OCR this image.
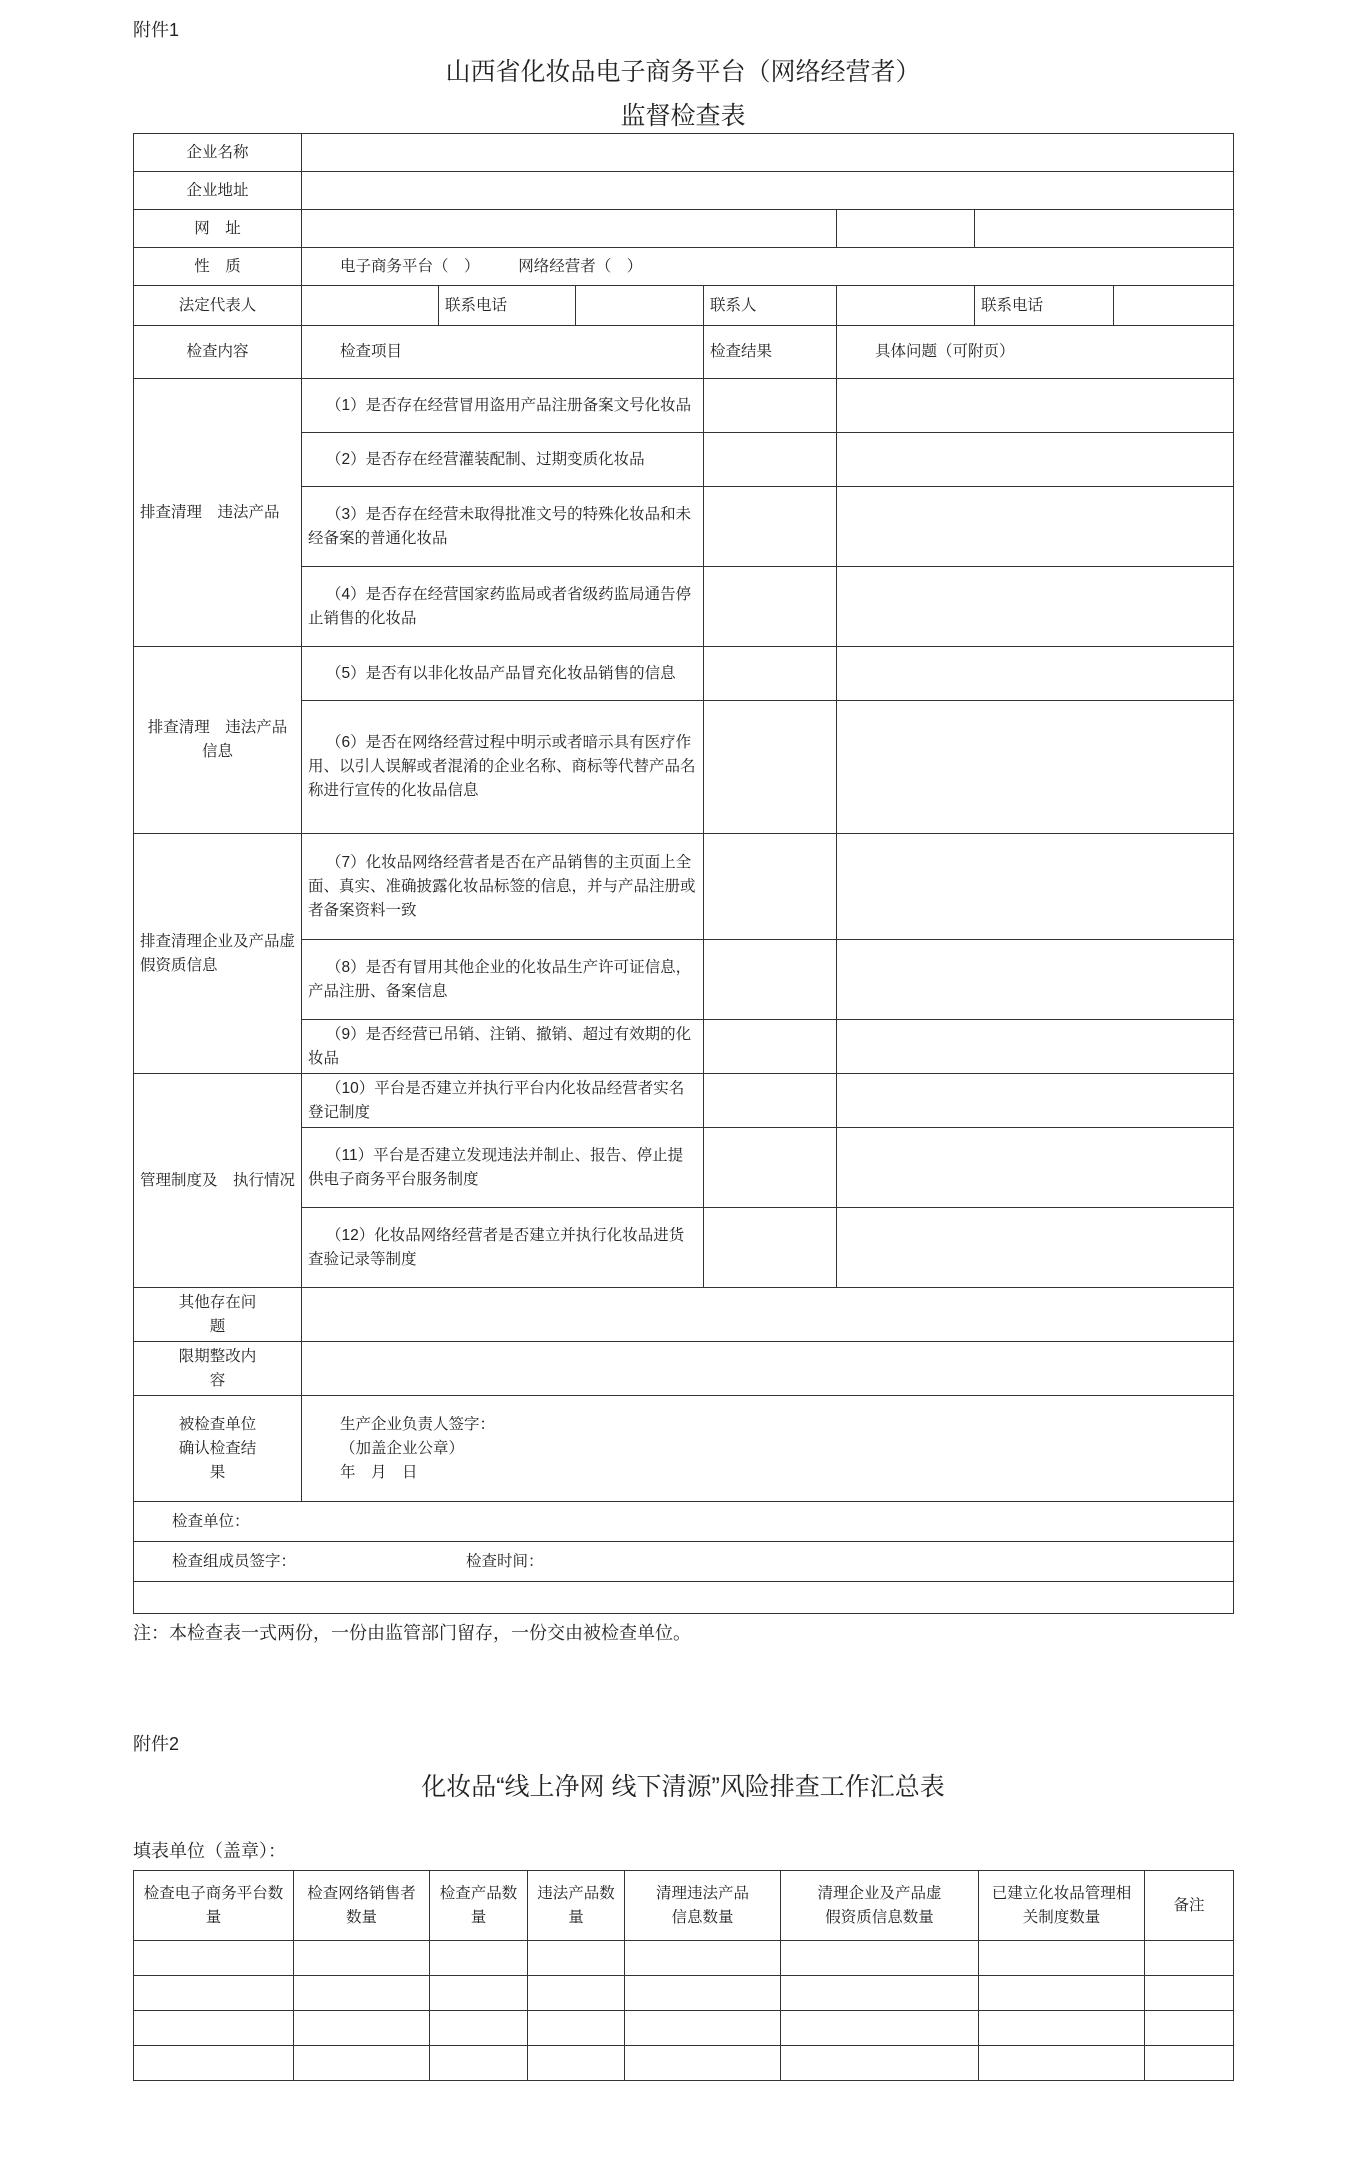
附件1
山西省化妆品电子商务平台（网络经营者）
监督检查表
企业名称							
企业地址							
网　址							
性　质	电子商务平台（　）　　　网络经营者（　）						
法定代表人		联系电话		联系人		联系电话	
检查内容	检查项目			检查结果	具体问题（可附页）		
排查清理　违法产品	（1）是否存在经营冒用盗用产品注册备案文号化妆品						
	（2）是否存在经营灌装配制、过期变质化妆品						
	（3）是否存在经营未取得批准文号的特殊化妆品和未经备案的普通化妆品						
	（4）是否存在经营国家药监局或者省级药监局通告停止销售的化妆品						
排查清理　违法产品 信息	（5）是否有以非化妆品产品冒充化妆品销售的信息						
	（6）是否在网络经营过程中明示或者暗示具有医疗作用、以引人误解或者混淆的企业名称、商标等代替产品名称进行宣传的化妆品信息						
排查清理企业及产品虚假资质信息	（7）化妆品网络经营者是否在产品销售的主页面上全面、真实、准确披露化妆品标签的信息，并与产品注册或者备案资料一致						
	（8）是否有冒用其他企业的化妆品生产许可证信息，产品注册、备案信息						
	（9）是否经营已吊销、注销、撤销、超过有效期的化妆品						
管理制度及　执行情况	（10）平台是否建立并执行平台内化妆品经营者实名登记制度						
	（11）平台是否建立发现违法并制止、报告、停止提供电子商务平台服务制度						
	（12）化妆品网络经营者是否建立并执行化妆品进货查验记录等制度						
其他存在问题							
限期整改内容							
被检查单位确认检查结果	生产企业负责人签字：
（加盖企业公章）
年　月　日						

检查单位：							
检查组成员签字： 检查时间：							

注：本检查表一式两份，一份由监管部门留存，一份交由被检查单位。
附件2
化妆品“线上净网 线下清源”风险排查工作汇总表
填表单位（盖章）：
检查电子商务平台数量	检查网络销售者数量	检查产品数量	违法产品数量	清理违法产品信息数量	清理企业及产品虚假资质信息数量	已建立化妆品管理相关制度数量	备注
